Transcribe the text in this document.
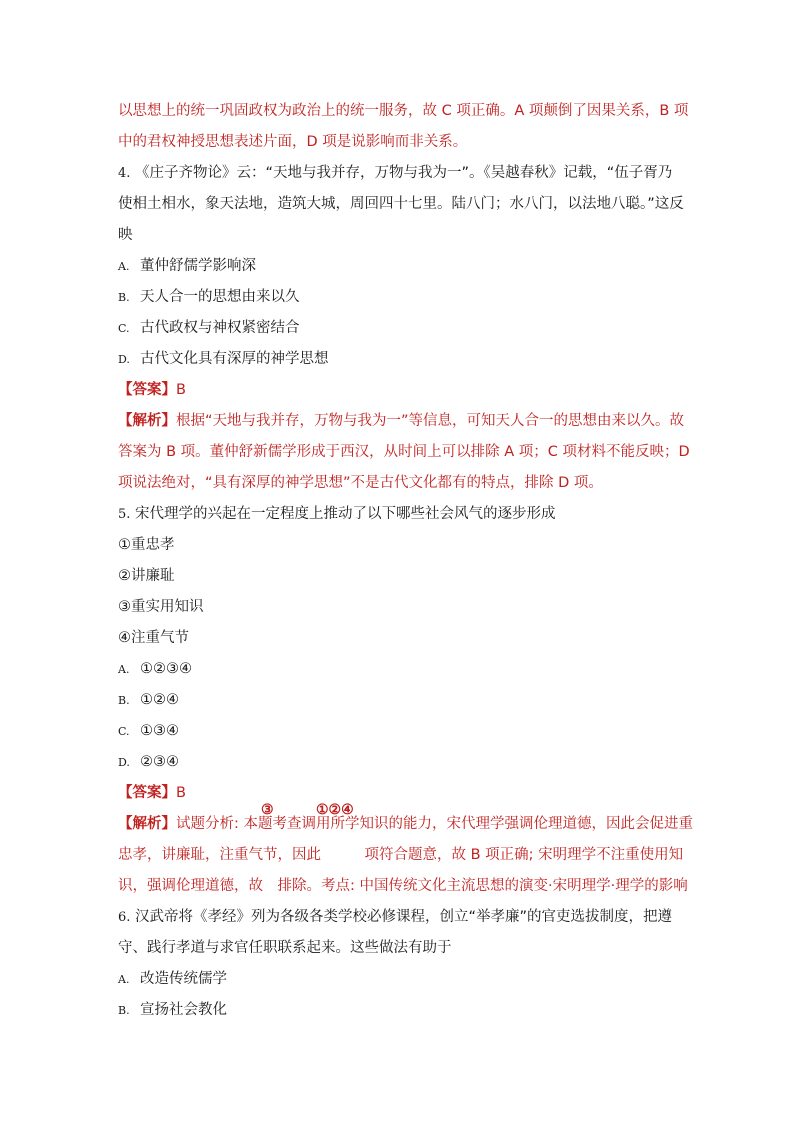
以思想上的统一巩固政权为政治上的统一服务，故 C 项正确。A 项颠倒了因果关系，B 项
中的君权神授思想表述片面，D 项是说影响而非关系。
4. 《庄子齐物论》云：“天地与我并存，万物与我为一”。《吴越春秋》记载，“伍子胥乃
使相土相水，象天法地，造筑大城，周回四十七里。陆八门；水八门，以法地八聪。”这反
映
A. 董仲舒儒学影响深
B. 天人合一的思想由来以久
C. 古代政权与神权紧密结合
D. 古代文化具有深厚的神学思想
【答案】B
【解析】根据“天地与我并存，万物与我为一”等信息，可知天人合一的思想由来以久。故
答案为 B 项。董仲舒新儒学形成于西汉，从时间上可以排除 A 项；C 项材料不能反映；D
项说法绝对，“具有深厚的神学思想”不是古代文化都有的特点，排除 D 项。
5. 宋代理学的兴起在一定程度上推动了以下哪些社会风气的逐步形成
①重忠孝
②讲廉耻
③重实用知识
④注重气节
A. ①②③④
B. ①②④
C. ①③④
D. ②③④
【答案】B
【解析】试题分析: 本题考查调用所学知识的能力，宋代理学强调伦理道德，因此会促进重
③	①②④
忠孝，讲廉耻，注重气节，因此　　　项符合题意，故 B 项正确; 宋明理学不注重使用知
识，强调伦理道德，故　排除。考点: 中国传统文化主流思想的演变·宋明理学·理学的影响
6. 汉武帝将《孝经》列为各级各类学校必修课程，创立“举孝廉”的官吏选拔制度，把遵
守、践行孝道与求官任职联系起来。这些做法有助于
A. 改造传统儒学
B. 宣扬社会教化
